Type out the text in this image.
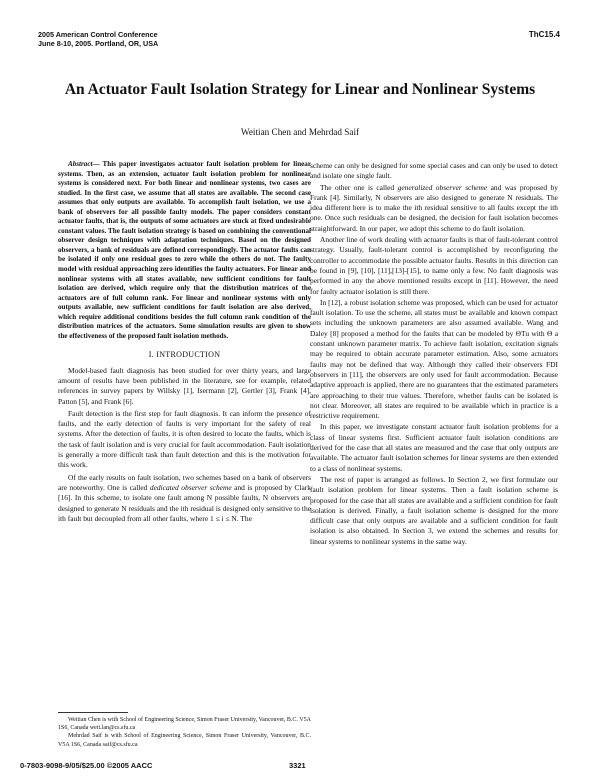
2005 American Control Conference
June 8-10, 2005. Portland, OR, USA
ThC15.4
An Actuator Fault Isolation Strategy for Linear and Nonlinear Systems
Weitian Chen and Mehrdad Saif

Abstract— This paper investigates actuator fault isolation problem for linear systems. Then, as an extension, actuator fault isolation problem for nonlinear systems is considered next. For both linear and nonlinear systems, two cases are studied. In the first case, we assume that all states are available. The second case assumes that only outputs are available. To accomplish fault isolation, we use a bank of observers for all possible faulty models. The paper considers constant actuator faults, that is, the outputs of some actuators are stuck at fixed undesirable constant values. The fault isolation strategy is based on combining the conventional observer design techniques with adaptation techniques. Based on the designed observers, a bank of residuals are defined correspondingly. The actuator faults can be isolated if only one residual goes to zero while the others do not. The faulty model with residual approaching zero identifies the faulty actuators. For linear and nonlinear systems with all states available, new sufficient conditions for fault isolation are derived, which require only that the distribution matrices of the actuators are of full column rank. For linear and nonlinear systems with only outputs available, new sufficient conditions for fault isolation are also derived, which require additional conditions besides the full column rank condition of the distribution matrices of the actuators. Some simulation results are given to show the effectiveness of the proposed fault isolation methods.

I. INTRODUCTION

Model-based fault diagnosis has been studied for over thirty years, and large amount of results have been published in the literature, see for example, related references in survey papers by Willsky [1], Isermann [2], Gertler [3], Frank [4], Patton [5], and Frank [6].

Fault detection is the first step for fault diagnosis. It can inform the presence of faults, and the early detection of faults is very important for the safety of real systems. After the detection of faults, it is often desired to locate the faults, which is the task of fault isolation and is very crucial for fault accommodation. Fault isolation is generally a more difficult task than fault detection and this is the motivation for this work.

Of the early results on fault isolation, two schemes based on a bank of observers are noteworthy. One is called dedicated observer scheme and is proposed by Clark [16]. In this scheme, to isolate one fault among N possible faults, N observers are designed to generate N residuals and the ith residual is designed only sensitive to the ith fault but decoupled from all other faults, where 1 ≤ i ≤ N. The

scheme can only be designed for some special cases and can only be used to detect and isolate one single fault.

The other one is called generalized observer scheme and was proposed by Frank [4]. Similarly, N observers are also designed to generate N residuals. The idea different here is to make the ith residual sensitive to all faults except the ith one. Once such residuals can be designed, the decision for fault isolation becomes straightforward. In our paper, we adopt this scheme to do fault isolation.

Another line of work dealing with actuator faults is that of fault-tolerant control strategy. Usually, fault-tolerant control is accomplished by reconfiguring the controller to accommodate the possible actuator faults. Results in this direction can be found in [9], [10], [11],[13]-[15], to name only a few. No fault diagnosis was performed in any the above mentioned results except in [11]. However, the need for faulty actuator isolation is still there.

In [12], a robust isolation scheme was proposed, which can be used for actuator fault isolation. To use the scheme, all states must be available and known compact sets including the unknown parameters are also assumed available. Wang and Daley [8] proposed a method for the faults that can be modeled by ΘTu with Θ a constant unknown parameter matrix. To achieve fault isolation, excitation signals may be required to obtain accurate parameter estimation. Also, some actuators faults may not be defined that way. Although they called their observers FDI observers in [11], the observers are only used for fault accommodation. Because adaptive approach is applied, there are no guarantees that the estimated parameters are approaching to their true values. Therefore, whether faults can be isolated is not clear. Moreover, all states are required to be available which in practice is a restrictive requirement.

In this paper, we investigate constant actuator fault isolation problems for a class of linear systems first. Sufficient actuator fault isolation conditions are derived for the case that all states are measured and the case that only outputs are available. The actuator fault isolation schemes for linear systems are then extended to a class of nonlinear systems.

The rest of paper is arranged as follows. In Section 2, we first formulate our fault isolation problem for linear systems. Then a fault isolation scheme is proposed for the case that all states are available and a sufficient condition for fault isolation is derived. Finally, a fault isolation scheme is designed for the more difficult case that only outputs are available and a sufficient condition for fault isolation is also obtained. In Section 3, we extend the schemes and results for linear systems to nonlinear systems in the same way.

Weitian Chen is with School of Engineering Science, Simon Fraser University, Vancouver, B.C. V5A 1S6, Canada weit.lan@cs.sfu.ca

Mehrdad Saif is with School of Engineering Science, Simon Fraser University, Vancouver, B.C. V5A 1S6, Canada saif@cs.sfu.ca

0-7803-9098-9/05/$25.00 ©2005 AACC	3321
